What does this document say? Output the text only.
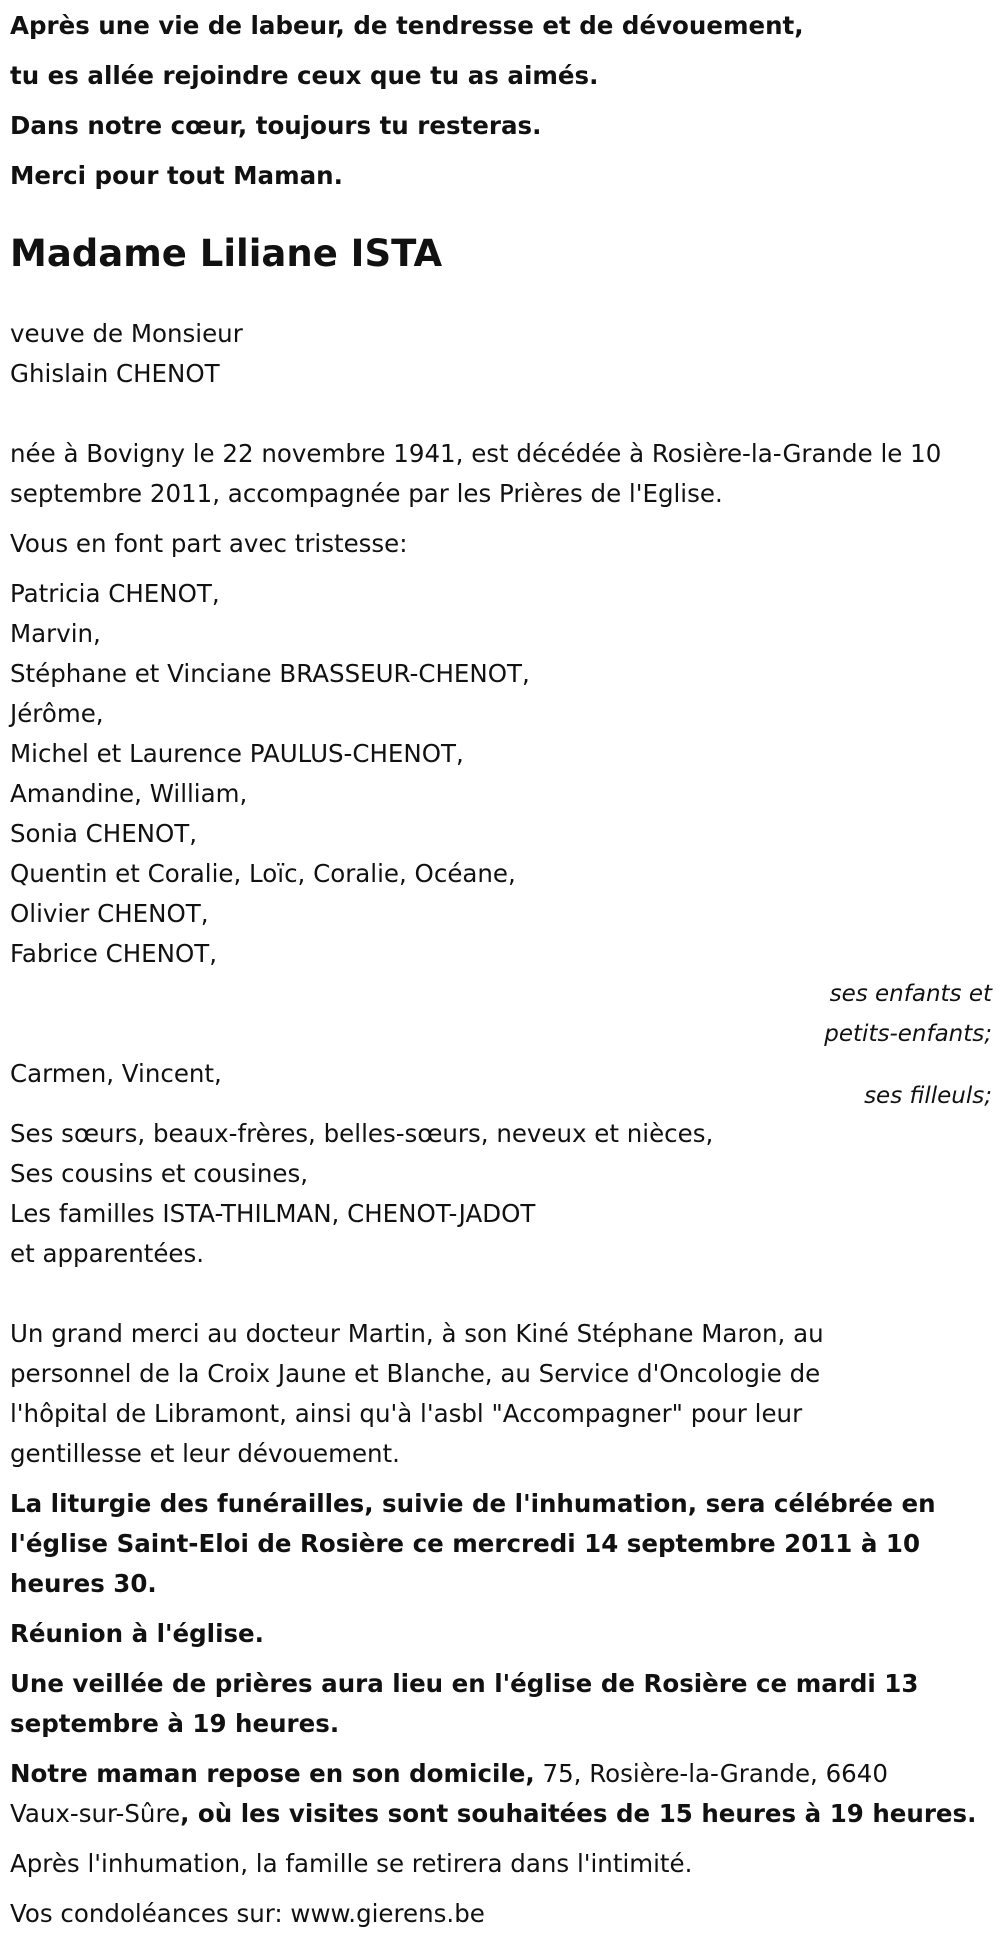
Après une vie de labeur, de tendresse et de dévouement,
tu es allée rejoindre ceux que tu as aimés.
Dans notre cœur, toujours tu resteras.
Merci pour tout Maman.
Madame Liliane ISTA
veuve de Monsieur
Ghislain CHENOT
née à Bovigny le 22 novembre 1941, est décédée à Rosière-la-Grande le 10
septembre 2011, accompagnée par les Prières de l'Eglise.
Vous en font part avec tristesse:
Patricia CHENOT,
Marvin,
Stéphane et Vinciane BRASSEUR-CHENOT,
Jérôme,
Michel et Laurence PAULUS-CHENOT,
Amandine, William,
Sonia CHENOT,
Quentin et Coralie, Loïc, Coralie, Océane,
Olivier CHENOT,
Fabrice CHENOT,
ses enfants et
petits-enfants;
Carmen, Vincent,
ses filleuls;
Ses sœurs, beaux-frères, belles-sœurs, neveux et nièces,
Ses cousins et cousines,
Les familles ISTA-THILMAN, CHENOT-JADOT
et apparentées.
Un grand merci au docteur Martin, à son Kiné Stéphane Maron, au
personnel de la Croix Jaune et Blanche, au Service d'Oncologie de
l'hôpital de Libramont, ainsi qu'à l'asbl "Accompagner" pour leur
gentillesse et leur dévouement.
La liturgie des funérailles, suivie de l'inhumation, sera célébrée en
l'église Saint-Eloi de Rosière ce mercredi 14 septembre 2011 à 10
heures 30.
Réunion à l'église.
Une veillée de prières aura lieu en l'église de Rosière ce mardi 13
septembre à 19 heures.
Notre maman repose en son domicile, 75, Rosière-la-Grande, 6640
Vaux-sur-Sûre, où les visites sont souhaitées de 15 heures à 19 heures.
Après l'inhumation, la famille se retirera dans l'intimité.
Vos condoléances sur: www.gierens.be
